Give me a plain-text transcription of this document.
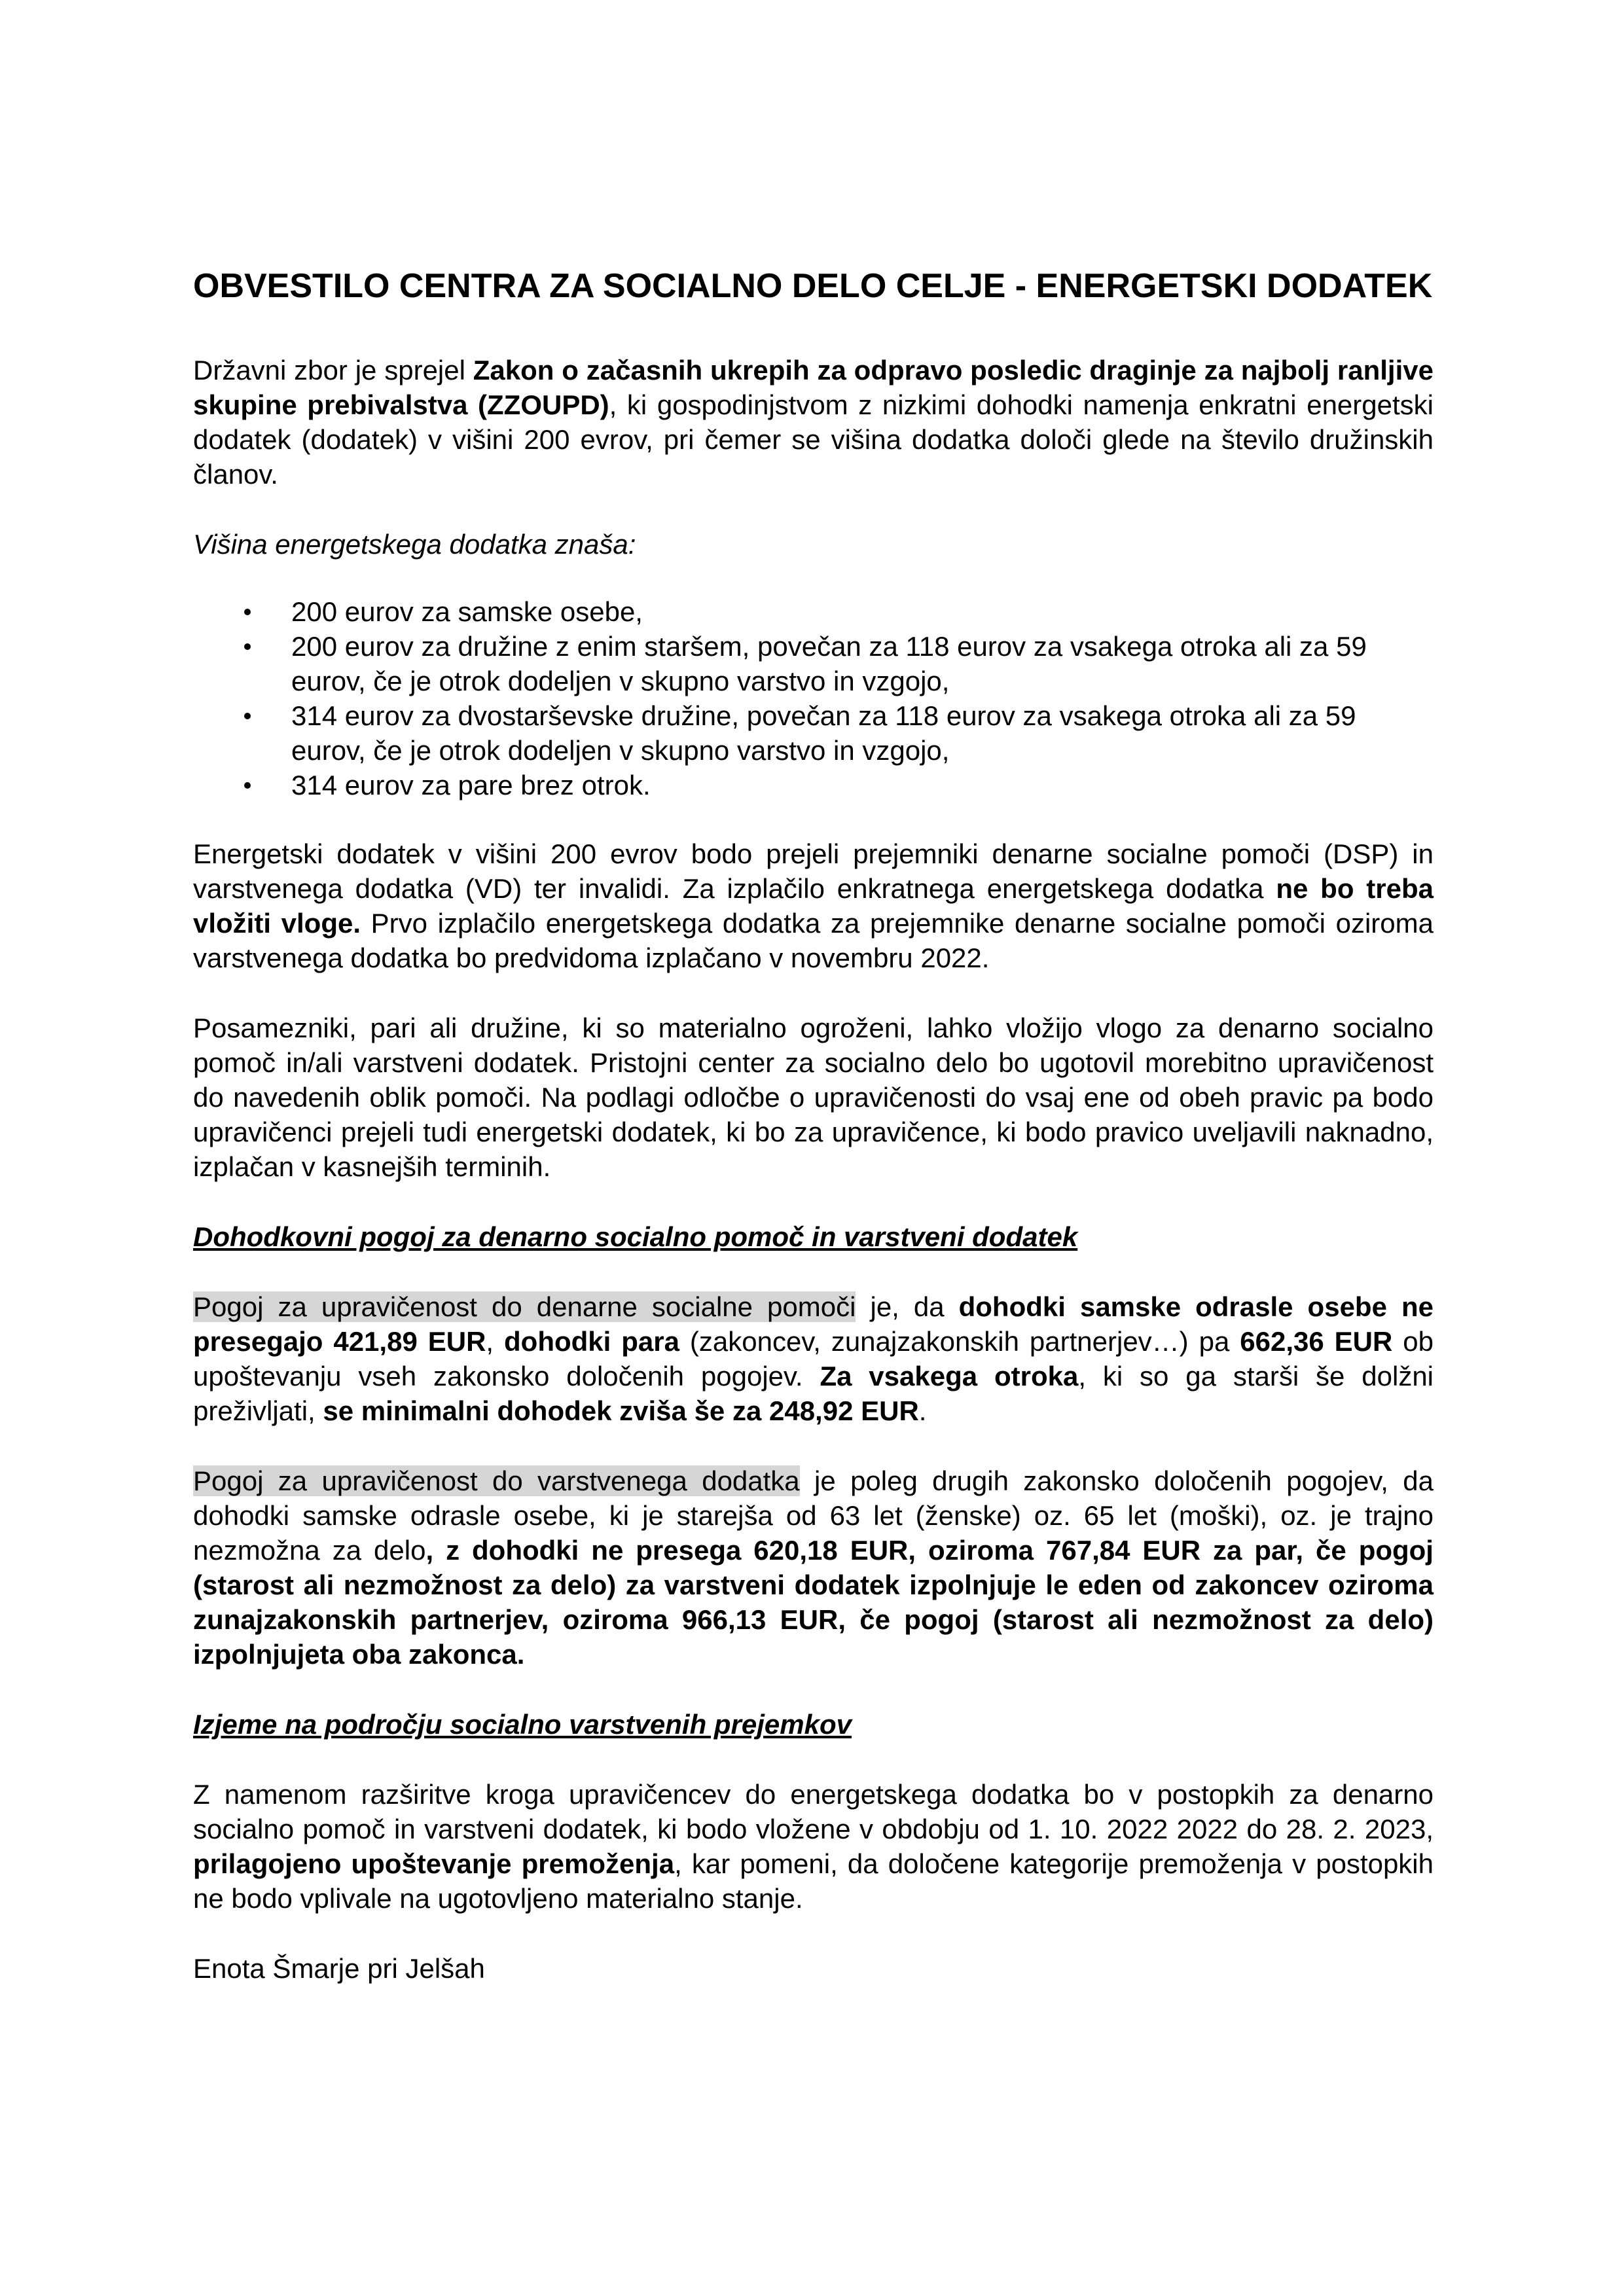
OBVESTILO CENTRA ZA SOCIALNO DELO CELJE - ENERGETSKI DODATEK

Državni zbor je sprejel Zakon o začasnih ukrepih za odpravo posledic draginje za najbolj ranljive skupine prebivalstva (ZZOUPD), ki gospodinjstvom z nizkimi dohodki namenja enkratni energetski dodatek (dodatek) v višini 200 evrov, pri čemer se višina dodatka določi glede na število družinskih članov.

Višina energetskega dodatka znaša:

200 eurov za samske osebe,
200 eurov za družine z enim staršem, povečan za 118 eurov za vsakega otroka ali za 59 eurov, če je otrok dodeljen v skupno varstvo in vzgojo,
314 eurov za dvostarševske družine, povečan za 118 eurov za vsakega otroka ali za 59 eurov, če je otrok dodeljen v skupno varstvo in vzgojo,
314 eurov za pare brez otrok.

Energetski dodatek v višini 200 evrov bodo prejeli prejemniki denarne socialne pomoči (DSP) in varstvenega dodatka (VD) ter invalidi. Za izplačilo enkratnega energetskega dodatka ne bo treba vložiti vloge. Prvo izplačilo energetskega dodatka za prejemnike denarne socialne pomoči oziroma varstvenega dodatka bo predvidoma izplačano v novembru 2022.

Posamezniki, pari ali družine, ki so materialno ogroženi, lahko vložijo vlogo za denarno socialno pomoč in/ali varstveni dodatek. Pristojni center za socialno delo bo ugotovil morebitno upravičenost do navedenih oblik pomoči. Na podlagi odločbe o upravičenosti do vsaj ene od obeh pravic pa bodo upravičenci prejeli tudi energetski dodatek, ki bo za upravičence, ki bodo pravico uveljavili naknadno, izplačan v kasnejših terminih.

Dohodkovni pogoj za denarno socialno pomoč in varstveni dodatek

Pogoj za upravičenost do denarne socialne pomoči je, da dohodki samske odrasle osebe ne presegajo 421,89 EUR, dohodki para (zakoncev, zunajzakonskih partnerjev…) pa 662,36 EUR ob upoštevanju vseh zakonsko določenih pogojev. Za vsakega otroka, ki so ga starši še dolžni preživljati, se minimalni dohodek zviša še za 248,92 EUR.

Pogoj za upravičenost do varstvenega dodatka je poleg drugih zakonsko določenih pogojev, da dohodki samske odrasle osebe, ki je starejša od 63 let (ženske) oz. 65 let (moški), oz. je trajno nezmožna za delo, z dohodki ne presega 620,18 EUR, oziroma 767,84 EUR za par, če pogoj (starost ali nezmožnost za delo) za varstveni dodatek izpolnjuje le eden od zakoncev oziroma zunajzakonskih partnerjev, oziroma 966,13 EUR, če pogoj (starost ali nezmožnost za delo) izpolnjujeta oba zakonca.

Izjeme na področju socialno varstvenih prejemkov

Z namenom razširitve kroga upravičencev do energetskega dodatka bo v postopkih za denarno socialno pomoč in varstveni dodatek, ki bodo vložene v obdobju od 1. 10. 2022 2022 do 28. 2. 2023, prilagojeno upoštevanje premoženja, kar pomeni, da določene kategorije premoženja v postopkih ne bodo vplivale na ugotovljeno materialno stanje.

Enota Šmarje pri Jelšah
